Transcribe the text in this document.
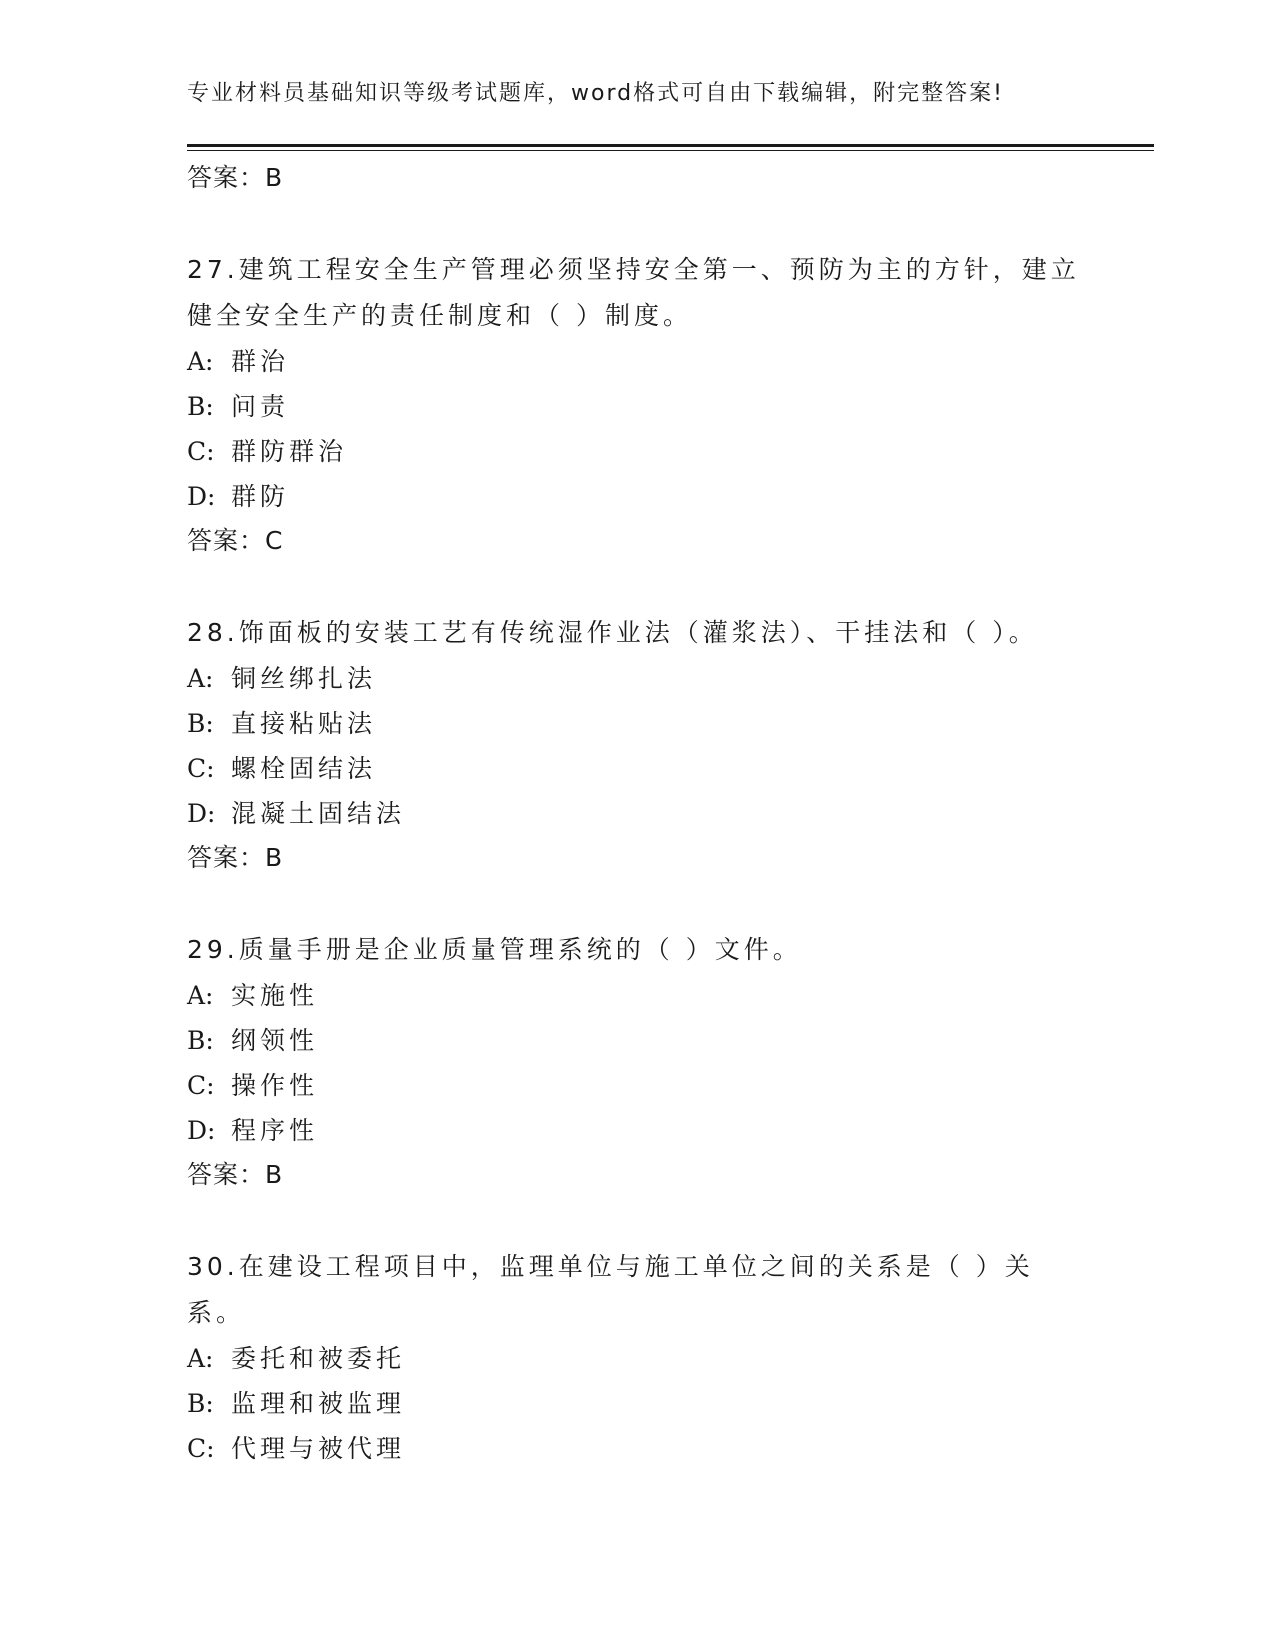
专业材料员基础知识等级考试题库，word格式可自由下载编辑，附完整答案!
答案：B

27.建筑工程安全生产管理必须坚持安全第一、预防为主的方针，建立健全安全生产的责任制度和（ ）制度。

A: 群治
B: 问责
C: 群防群治
D: 群防
答案：C

28.饰面板的安装工艺有传统湿作业法（灌浆法）、干挂法和（ ）。

A: 铜丝绑扎法
B: 直接粘贴法
C: 螺栓固结法
D: 混凝土固结法
答案：B

29.质量手册是企业质量管理系统的（ ）文件。

A: 实施性
B: 纲领性
C: 操作性
D: 程序性
答案：B

30.在建设工程项目中，监理单位与施工单位之间的关系是（ ）关系。

A: 委托和被委托
B: 监理和被监理
C: 代理与被代理
